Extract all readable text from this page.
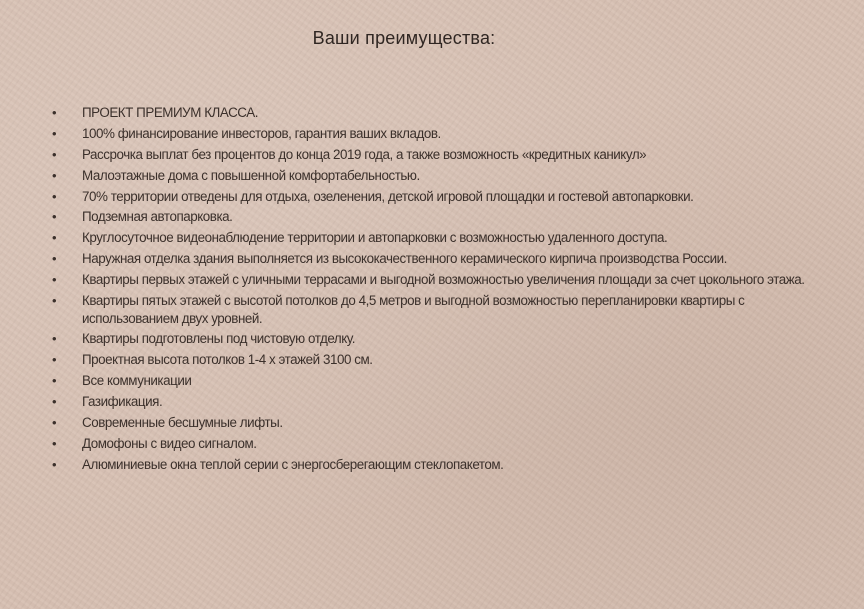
Ваши преимущества:
• ПРОЕКТ ПРЕМИУМ КЛАССА.
• 100% финансирование инвесторов, гарантия ваших вкладов.
• Рассрочка выплат без процентов до конца 2019 года, а также возможность «кредитных каникул»
• Малоэтажные дома с повышенной комфортабельностью.
• 70% территории отведены для отдыха, озеленения, детской игровой площадки и гостевой автопарковки.
• Подземная автопарковка.
• Круглосуточное видеонаблюдение территории и автопарковки с возможностью удаленного доступа.
• Наружная отделка здания выполняется из высококачественного керамического кирпича производства России.
• Квартиры первых этажей с уличными террасами и выгодной возможностью увеличения площади за счет цокольного этажа.
• Квартиры пятых этажей с высотой потолков до 4,5 метров и выгодной возможностью перепланировки квартиры с использованием двух уровней.
• Квартиры подготовлены под чистовую отделку.
• Проектная высота потолков 1-4 х этажей 3100 см.
• Все коммуникации
• Газификация.
• Современные бесшумные лифты.
• Домофоны с видео сигналом.
• Алюминиевые окна теплой серии с энергосберегающим стеклопакетом.
